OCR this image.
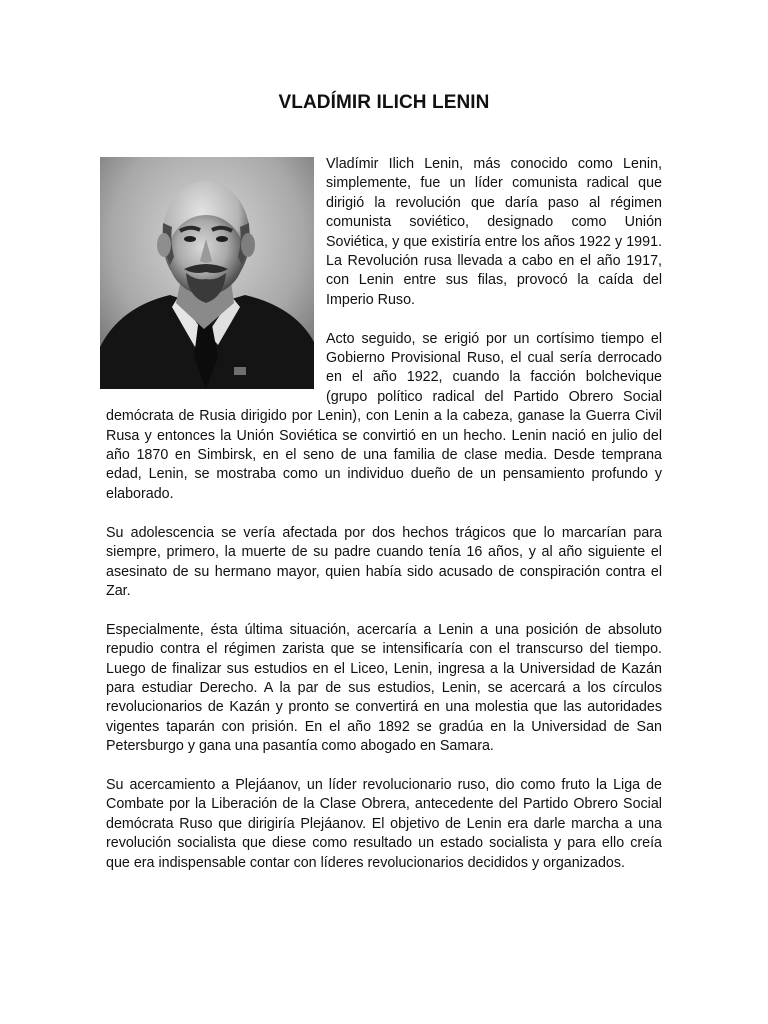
VLADÍMIR ILICH LENIN

Vladímir Ilich Lenin, más conocido como Lenin, simplemente, fue un líder comunista radical que dirigió la revolución que daría paso al régimen comunista soviético, designado como Unión Soviética, y que existiría entre los años 1922 y 1991. La Revolución rusa llevada a cabo en el año 1917, con Lenin entre sus filas, provocó la caída del Imperio Ruso.

Acto seguido, se erigió por un cortísimo tiempo el Gobierno Provisional Ruso, el cual sería derrocado en el año 1922, cuando la facción bolchevique (grupo político radical del Partido Obrero Social demócrata de Rusia dirigido por Lenin), con Lenin a la cabeza, ganase la Guerra Civil Rusa y entonces la Unión Soviética se convirtió en un hecho. Lenin nació en julio del año 1870 en Simbirsk, en el seno de una familia de clase media. Desde temprana edad, Lenin, se mostraba como un individuo dueño de un pensamiento profundo y elaborado.

Su adolescencia se vería afectada por dos hechos trágicos que lo marcarían para siempre, primero, la muerte de su padre cuando tenía 16 años, y al año siguiente el asesinato de su hermano mayor, quien había sido acusado de conspiración contra el Zar.

Especialmente, ésta última situación, acercaría a Lenin a una posición de absoluto repudio contra el régimen zarista que se intensificaría con el transcurso del tiempo. Luego de finalizar sus estudios en el Liceo, Lenin, ingresa a la Universidad de Kazán para estudiar Derecho. A la par de sus estudios, Lenin, se acercará a los círculos revolucionarios de Kazán y pronto se convertirá en una molestia que las autoridades vigentes taparán con prisión. En el año 1892 se gradúa en la Universidad de San Petersburgo y gana una pasantía como abogado en Samara.

Su acercamiento a Plejáanov, un líder revolucionario ruso, dio como fruto la Liga de Combate por la Liberación de la Clase Obrera, antecedente del Partido Obrero Social demócrata Ruso que dirigiría Plejáanov. El objetivo de Lenin era darle marcha a una revolución socialista que diese como resultado un estado socialista y para ello creía que era indispensable contar con líderes revolucionarios decididos y organizados.
